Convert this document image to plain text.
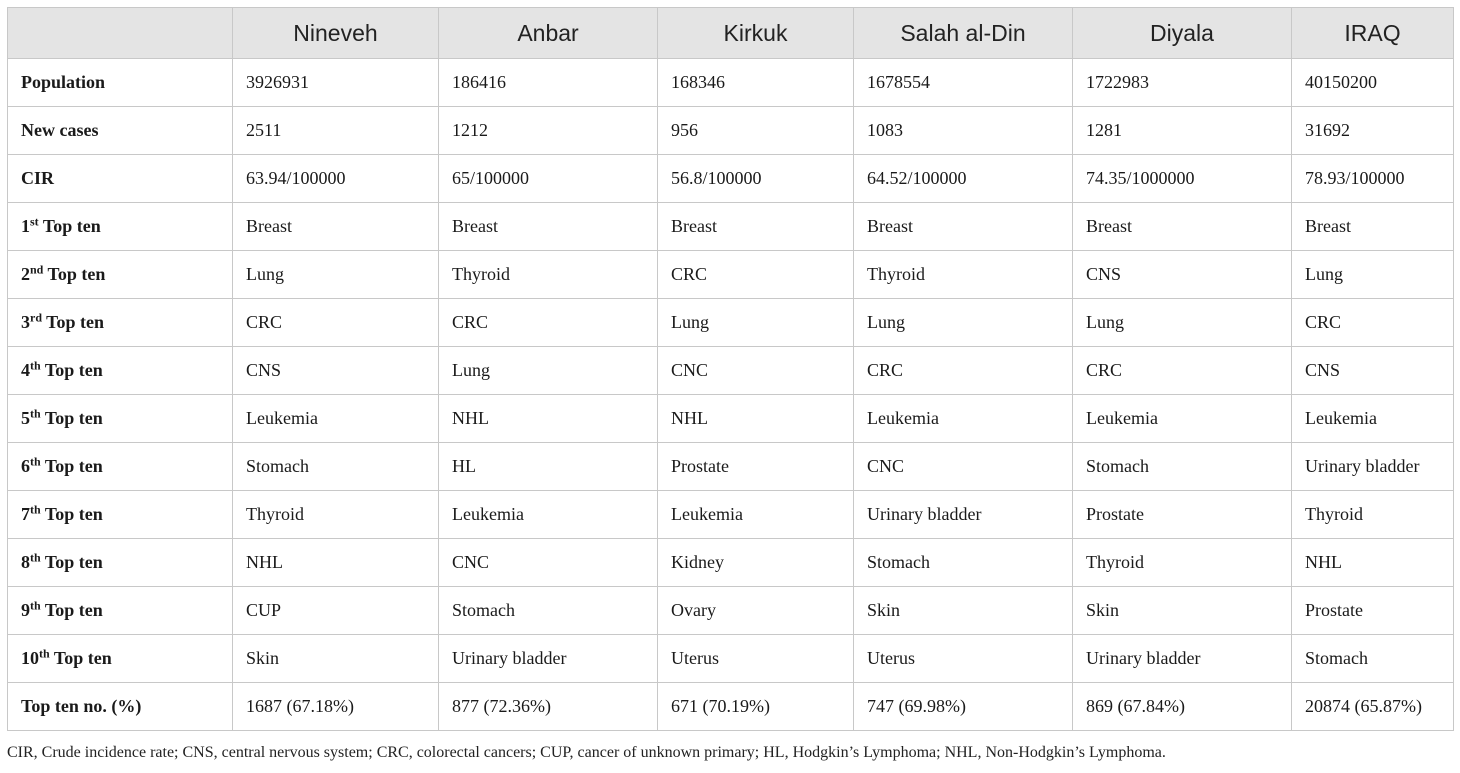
	Nineveh	Anbar	Kirkuk	Salah al-Din	Diyala	IRAQ
Population	3926931	186416	168346	1678554	1722983	40150200
New cases	2511	1212	956	1083	1281	31692
CIR	63.94/100000	65/100000	56.8/100000	64.52/100000	74.35/1000000	78.93/100000
1st Top ten	Breast	Breast	Breast	Breast	Breast	Breast
2nd Top ten	Lung	Thyroid	CRC	Thyroid	CNS	Lung
3rd Top ten	CRC	CRC	Lung	Lung	Lung	CRC
4th Top ten	CNS	Lung	CNC	CRC	CRC	CNS
5th Top ten	Leukemia	NHL	NHL	Leukemia	Leukemia	Leukemia
6th Top ten	Stomach	HL	Prostate	CNC	Stomach	Urinary bladder
7th Top ten	Thyroid	Leukemia	Leukemia	Urinary bladder	Prostate	Thyroid
8th Top ten	NHL	CNC	Kidney	Stomach	Thyroid	NHL
9th Top ten	CUP	Stomach	Ovary	Skin	Skin	Prostate
10th Top ten	Skin	Urinary bladder	Uterus	Uterus	Urinary bladder	Stomach
Top ten no. (%)	1687 (67.18%)	877 (72.36%)	671 (70.19%)	747 (69.98%)	869 (67.84%)	20874 (65.87%)
CIR, Crude incidence rate; CNS, central nervous system; CRC, colorectal cancers; CUP, cancer of unknown primary; HL, Hodgkin’s Lymphoma; NHL, Non-Hodgkin’s Lymphoma.
